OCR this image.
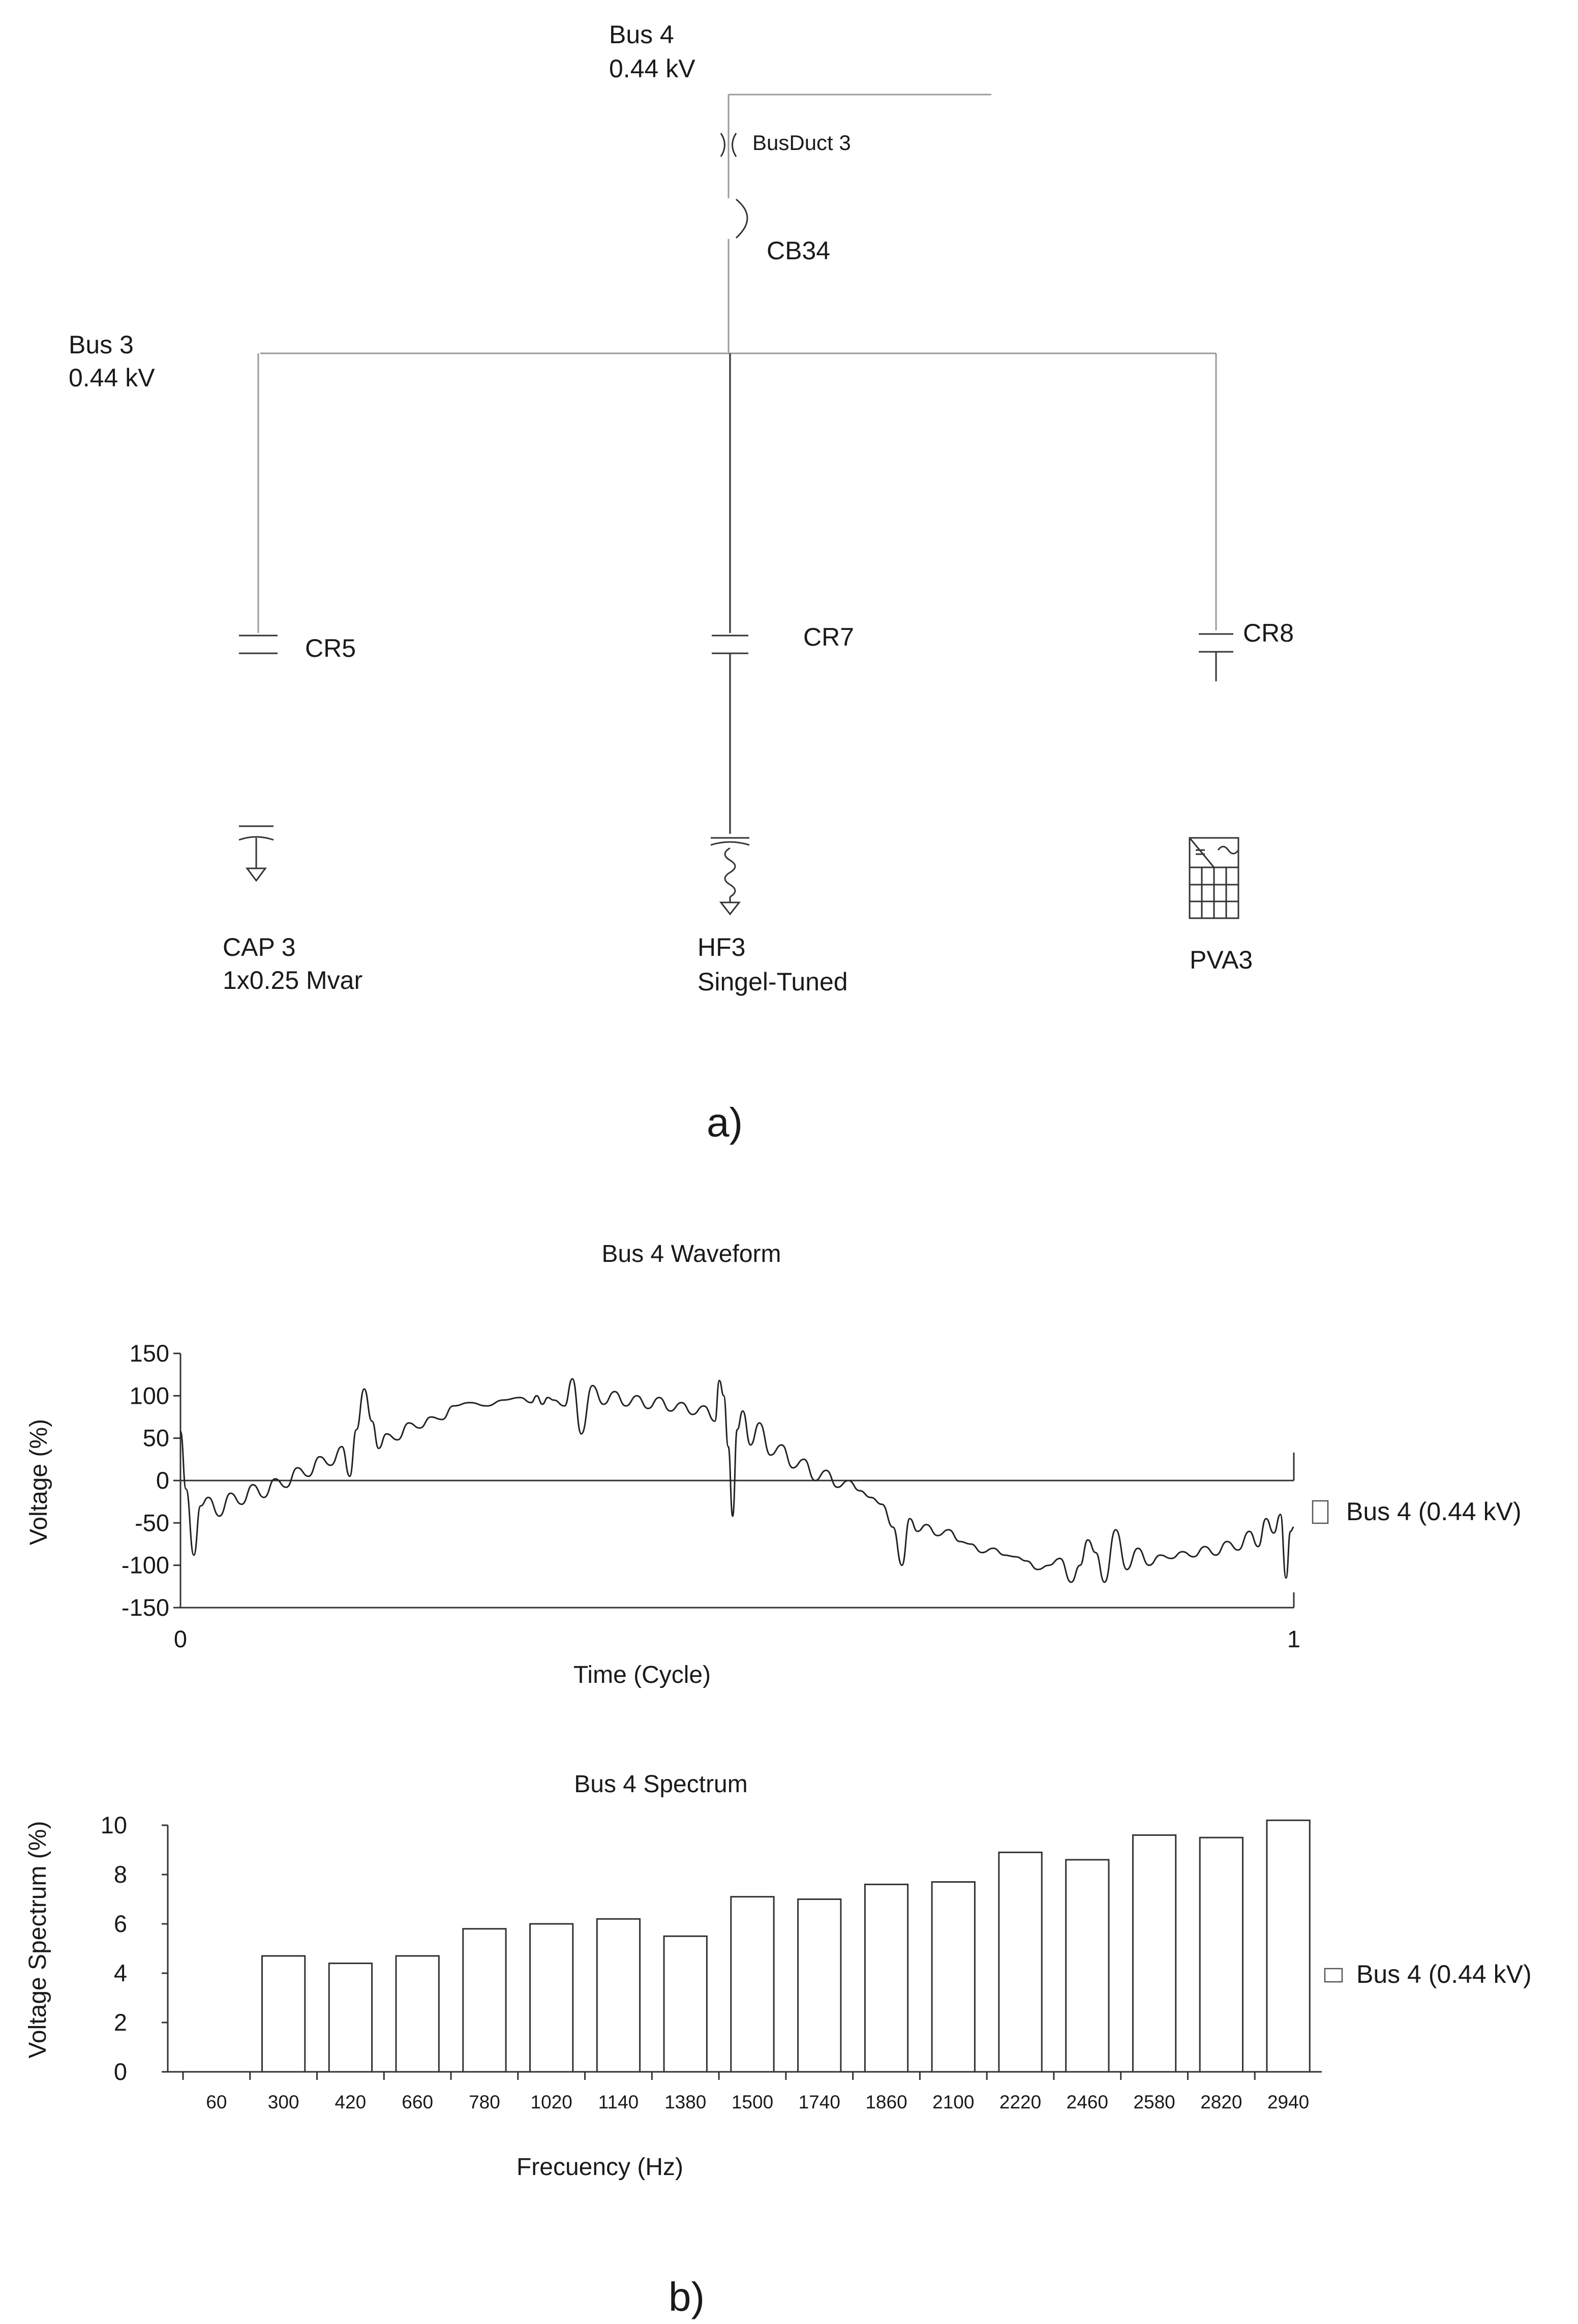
Bus 4
0.44 kV
BusDuct 3
CB34
Bus 3
0.44 kV
CR5
CAP 3
1x0.25 Mvar
CR7
HF3
Singel-Tuned
CR8
PVA3
a)
Bus 4 Waveform
Voltage (%)
Time (Cycle)
150
100
50
0
-50
-100
-150
0	1
Bus 4 (0.44 kV)
Bus 4 Spectrum
Voltage Spectrum (%)
Frecuency (Hz)
0
2
4
6
8
10
60 300 420 660 780 1020 1140 1380 1500 1740 1860 2100 2220 2460 2580 2820 2940
Bus 4 (0.44 kV)
b)
